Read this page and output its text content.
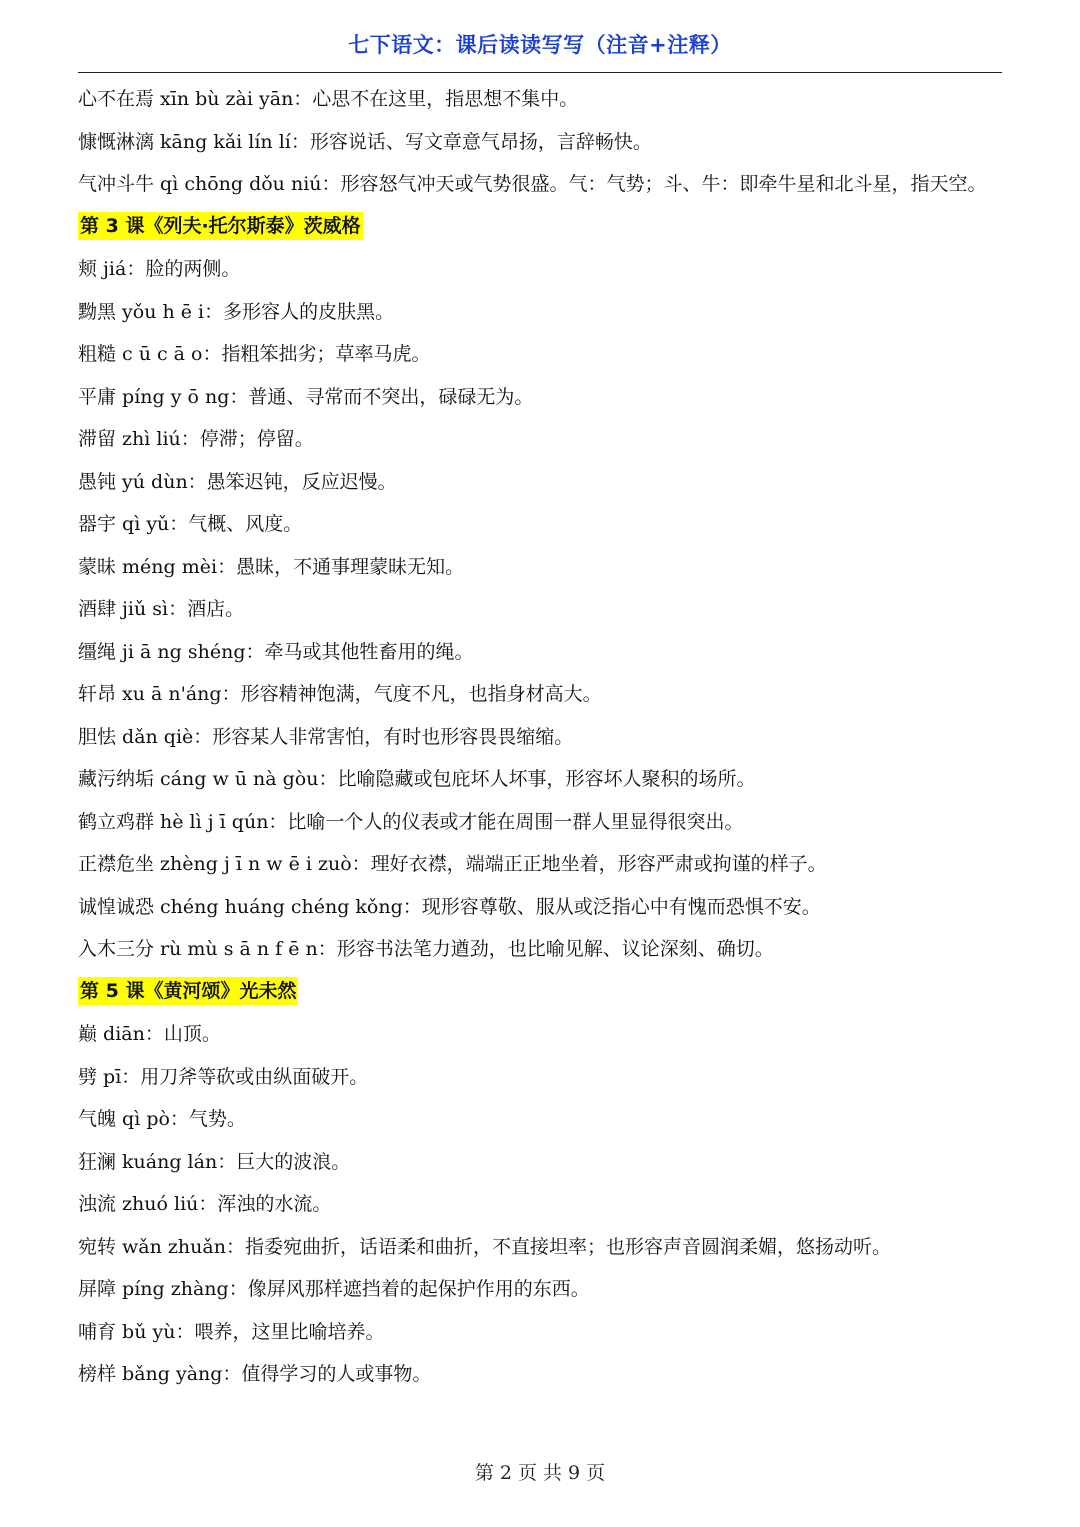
七下语文：课后读读写写（注音+注释）
心不在焉 xīn bù zài yān：心思不在这里，指思想不集中。
慷慨淋漓 kāng kǎi lín lí：形容说话、写文章意气昂扬，言辞畅快。
气冲斗牛 qì chōng dǒu niú：形容怒气冲天或气势很盛。气：气势；斗、牛：即牵牛星和北斗星，指天空。
第 3 课《列夫·托尔斯泰》茨威格
颊 jiá：脸的两侧。
黝黑 yǒu h ē i：多形容人的皮肤黑。
粗糙 c ū c ā o：指粗笨拙劣；草率马虎。
平庸 píng y ō ng：普通、寻常而不突出，碌碌无为。
滞留 zhì liú：停滞；停留。
愚钝 yú dùn：愚笨迟钝，反应迟慢。
器宇 qì yǔ：气概、风度。
蒙昧 méng mèi：愚昧，不通事理蒙昧无知。
酒肆 jiǔ sì：酒店。
缰绳 ji ā ng shéng：牵马或其他牲畜用的绳。
轩昂 xu ā n'áng：形容精神饱满，气度不凡，也指身材高大。
胆怯 dǎn qiè：形容某人非常害怕，有时也形容畏畏缩缩。
藏污纳垢 cáng w ū nà gòu：比喻隐藏或包庇坏人坏事，形容坏人聚积的场所。
鹤立鸡群 hè lì j ī qún：比喻一个人的仪表或才能在周围一群人里显得很突出。
正襟危坐 zhèng j ī n w ē i zuò：理好衣襟，端端正正地坐着，形容严肃或拘谨的样子。
诚惶诚恐 chéng huáng chéng kǒng：现形容尊敬、服从或泛指心中有愧而恐惧不安。
入木三分 rù mù s ā n f ē n：形容书法笔力遒劲，也比喻见解、议论深刻、确切。
第 5 课《黄河颂》光未然
巅 diān：山顶。
劈 pī：用刀斧等砍或由纵面破开。
气魄 qì pò：气势。
狂澜 kuáng lán：巨大的波浪。
浊流 zhuó liú：浑浊的水流。
宛转 wǎn zhuǎn：指委宛曲折，话语柔和曲折，不直接坦率；也形容声音圆润柔媚，悠扬动听。
屏障 píng zhàng：像屏风那样遮挡着的起保护作用的东西。
哺育 bǔ yù：喂养，这里比喻培养。
榜样 bǎng yàng：值得学习的人或事物。
第 2 页 共 9 页
